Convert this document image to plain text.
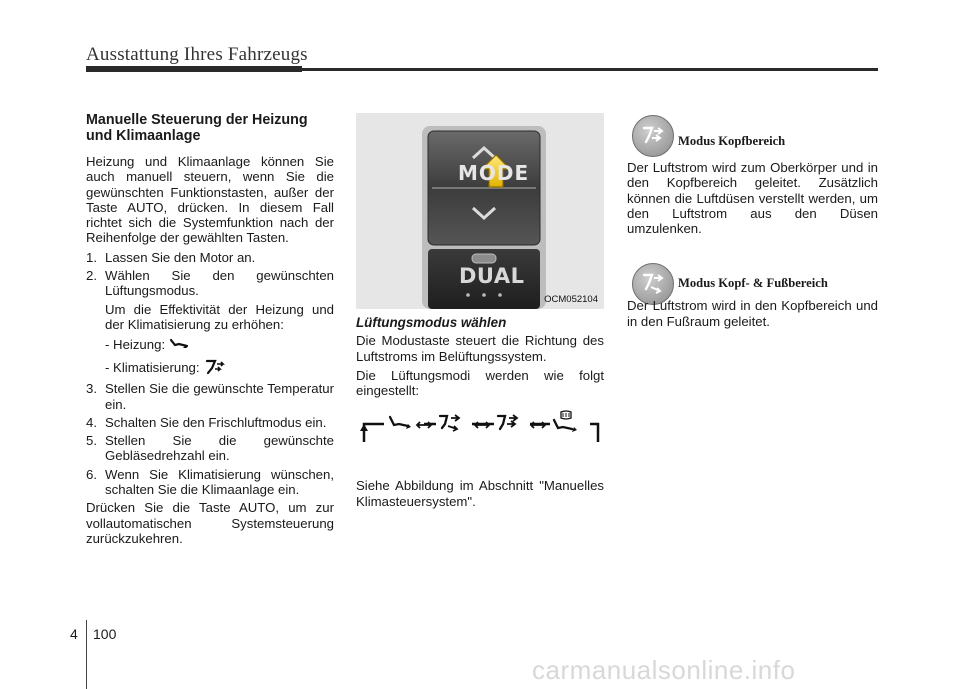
Ausstattung Ihres Fahrzeugs
Manuelle Steuerung der Heizung und Klimaanlage

Heizung und Klimaanlage können Sie auch manuell steuern, wenn Sie die gewünschten Funktionstasten, außer der Taste AUTO, drücken. In diesem Fall richtet sich die Systemfunktion nach der Reihenfolge der gewählten Tasten.

1. Lassen Sie den Motor an.
2. Wählen Sie den gewünschten Lüftungsmodus.
Um die Effektivität der Heizung und der Klimatisierung zu erhöhen:
- Heizung:
- Klimatisierung:
3. Stellen Sie die gewünschte Temperatur ein.
4. Schalten Sie den Frischluftmodus ein.
5. Stellen Sie die gewünschte Gebläsedrehzahl ein.
6. Wenn Sie Klimatisierung wünschen, schalten Sie die Klimaanlage ein.

Drücken Sie die Taste AUTO, um zur vollautomatischen Systemsteuerung zurückzukehren.

MODE
DUAL
OCM052104
Lüftungsmodus wählen

Die Modustaste steuert die Richtung des Luftstroms im Belüftungssystem.

Die Lüftungsmodi werden wie folgt eingestellt:

Siehe Abbildung im Abschnitt "Manuelles Klimasteuersystem".

Modus Kopfbereich
Modus Kopf- & Fußbereich

Der Luftstrom wird zum Oberkörper und in den Kopfbereich geleitet. Zusätzlich können die Luftdüsen verstellt werden, um den Luftstrom aus den Düsen umzulenken.

Der Luftstrom wird in den Kopfbereich und in den Fußraum geleitet.

4 100
carmanualsonline.info
